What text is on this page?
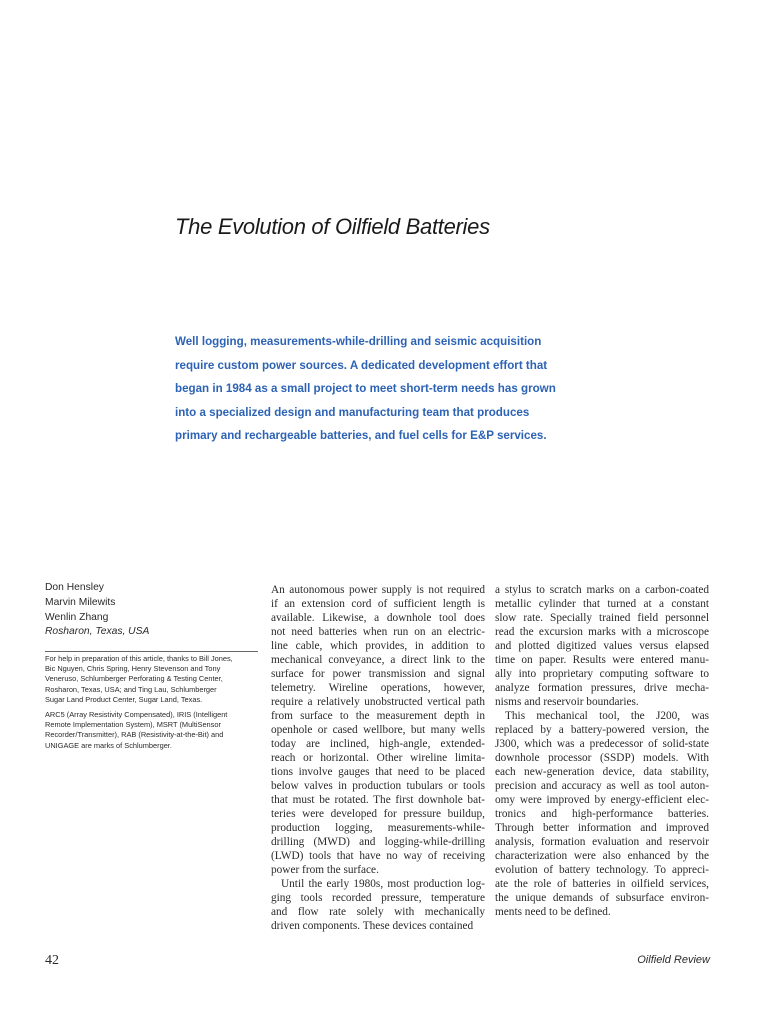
The Evolution of Oilfield Batteries
Well logging, measurements-while-drilling and seismic acquisition
require custom power sources. A dedicated development effort that
began in 1984 as a small project to meet short-term needs has grown
into a specialized design and manufacturing team that produces
primary and rechargeable batteries, and fuel cells for E&P services.
Don Hensley
Marvin Milewits
Wenlin Zhang
Rosharon, Texas, USA

For help in preparation of this article, thanks to Bill Jones,
Bic Nguyen, Chris Spring, Henry Stevenson and Tony
Veneruso, Schlumberger Perforating & Testing Center,
Rosharon, Texas, USA; and Ting Lau, Schlumberger
Sugar Land Product Center, Sugar Land, Texas.

ARC5 (Array Resistivity Compensated), IRIS (Intelligent
Remote Implementation System), MSRT (MultiSensor
Recorder/Transmitter), RAB (Resistivity-at-the-Bit) and
UNIGAGE are marks of Schlumberger.

An autonomous power supply is not required
if an extension cord of sufficient length is
available. Likewise, a downhole tool does
not need batteries when run on an electric-
line cable, which provides, in addition to
mechanical conveyance, a direct link to the
surface for power transmission and signal
telemetry. Wireline operations, however,
require a relatively unobstructed vertical path
from surface to the measurement depth in
openhole or cased wellbore, but many wells
today are inclined, high-angle, extended-
reach or horizontal. Other wireline limita-
tions involve gauges that need to be placed
below valves in production tubulars or tools
that must be rotated. The first downhole bat-
teries were developed for pressure buildup,
production logging, measurements-while-
drilling (MWD) and logging-while-drilling
(LWD) tools that have no way of receiving
power from the surface.

Until the early 1980s, most production log-
ging tools recorded pressure, temperature
and flow rate solely with mechanically
driven components. These devices contained

a stylus to scratch marks on a carbon-coated
metallic cylinder that turned at a constant
slow rate. Specially trained field personnel
read the excursion marks with a microscope
and plotted digitized values versus elapsed
time on paper. Results were entered manu-
ally into proprietary computing software to
analyze formation pressures, drive mecha-
nisms and reservoir boundaries.

This mechanical tool, the J200, was
replaced by a battery-powered version, the
J300, which was a predecessor of solid-state
downhole processor (SSDP) models. With
each new-generation device, data stability,
precision and accuracy as well as tool auton-
omy were improved by energy-efficient elec-
tronics and high-performance batteries.
Through better information and improved
analysis, formation evaluation and reservoir
characterization were also enhanced by the
evolution of battery technology. To appreci-
ate the role of batteries in oilfield services,
the unique demands of subsurface environ-
ments need to be defined.

42	Oilfield Review
